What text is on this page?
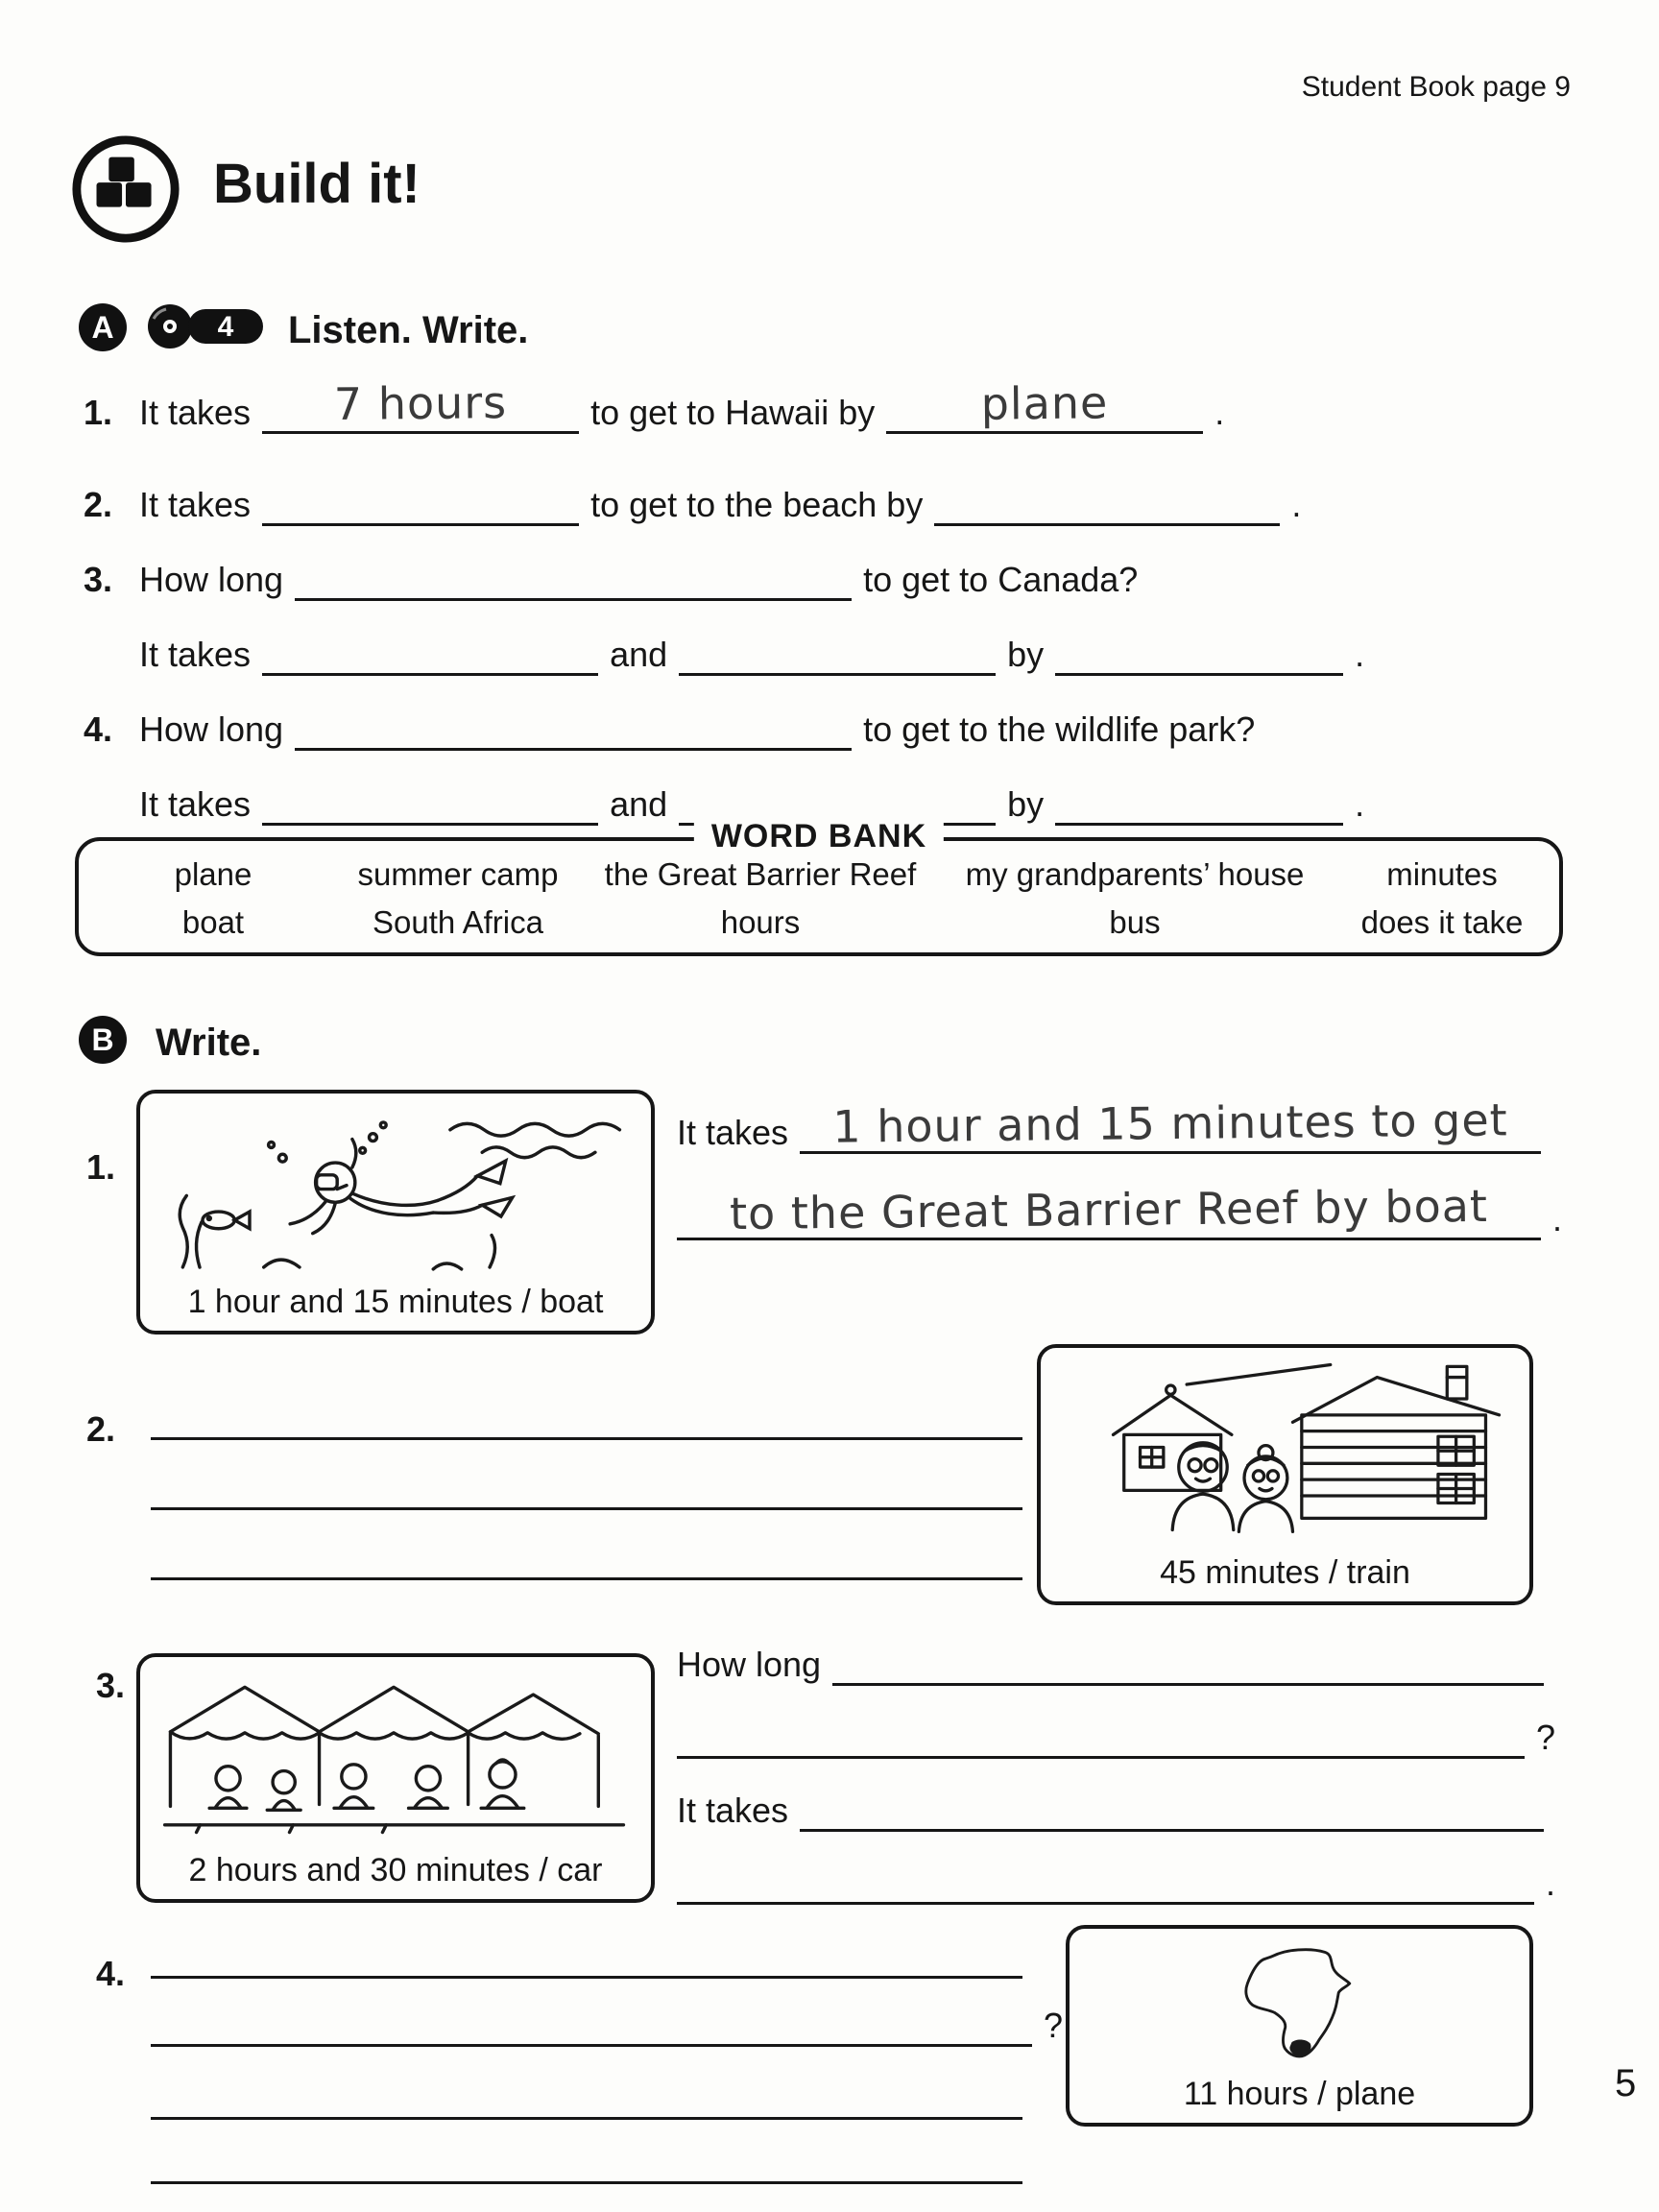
Student Book page 9
Build it!
A	4 Listen. Write.
1. It takes 7 hours to get to Hawaii by plane	.
2. It takes	to get to the beach by	.
3. How long	to get to Canada?
It takes	and	by	.
4. How long	to get to the wildlife park?
It takes	and	by	.
WORD BANK
plane	summer camp	the Great Barrier Reef	my grandparents’ house	minutes
boat	South Africa	hours	bus	does it take
B	Write.
1.
1 hour and 15 minutes / boat
It takes 1 hour and 15 minutes to get
to the Great Barrier Reef by boat .
2.
45 minutes / train
3.
2 hours and 30 minutes / car
How long
?
It takes
.
4.
?
11 hours / plane	5
